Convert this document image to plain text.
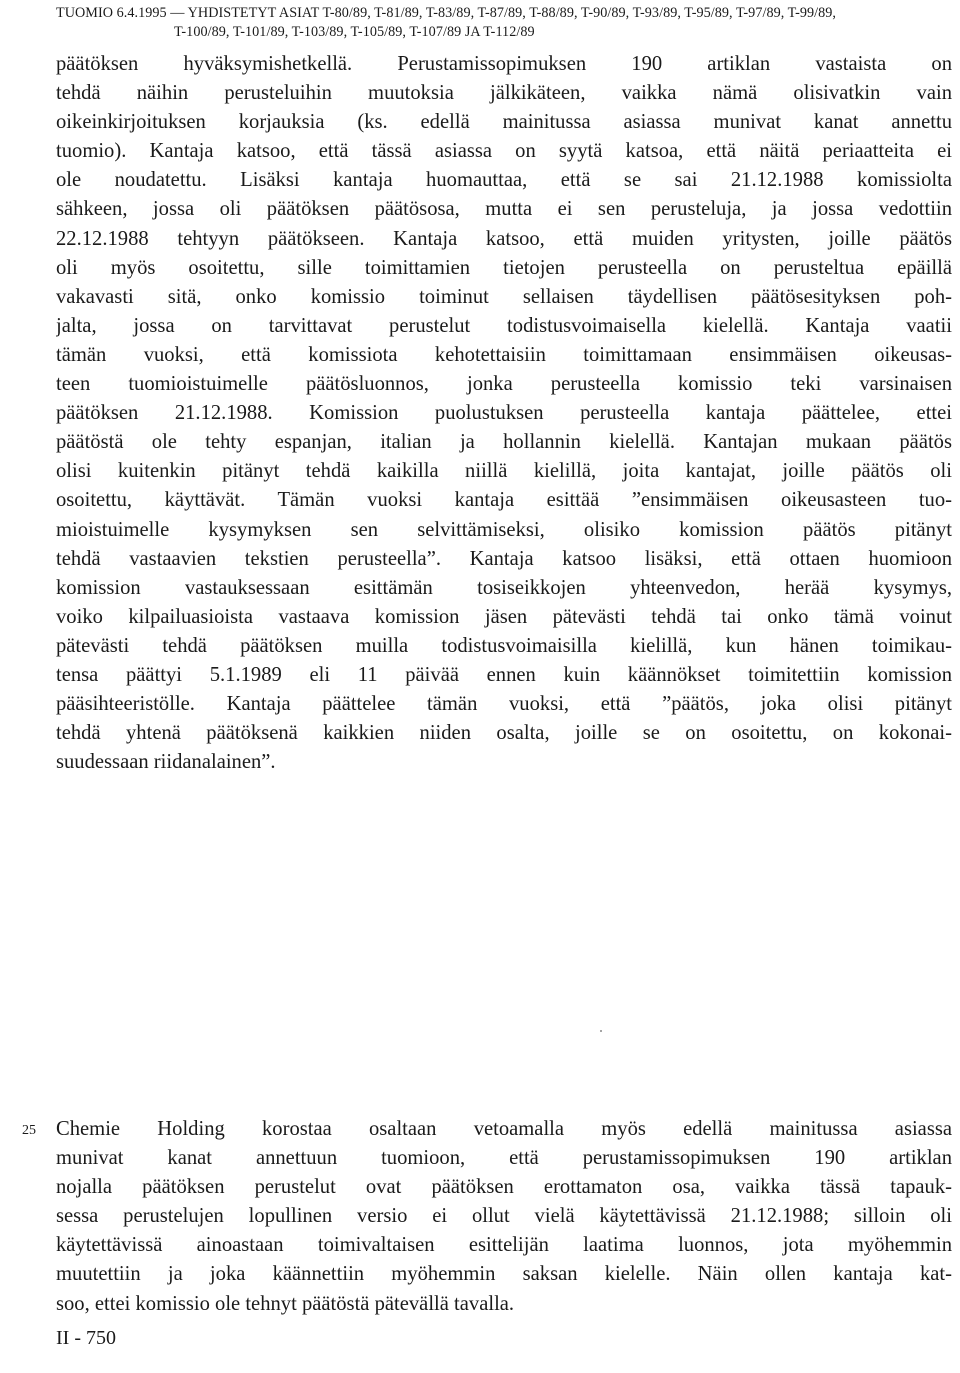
TUOMIO 6.4.1995 — YHDISTETYT ASIAT T-80/89, T-81/89, T-83/89, T-87/89, T-88/89, T-90/89, T-93/89, T-95/89, T-97/89, T-99/89,
T-100/89, T-101/89, T-103/89, T-105/89, T-107/89 JA T-112/89
päätöksen hyväksymishetkellä. Perustamissopimuksen 190 artiklan vastaista on
tehdä näihin perusteluihin muutoksia jälkikäteen, vaikka nämä olisivatkin vain
oikeinkirjoituksen korjauksia (ks. edellä mainitussa asiassa munivat kanat annettu
tuomio). Kantaja katsoo, että tässä asiassa on syytä katsoa, että näitä periaatteita ei
ole noudatettu. Lisäksi kantaja huomauttaa, että se sai 21.12.1988 komissiolta
sähkeen, jossa oli päätöksen päätösosa, mutta ei sen perusteluja, ja jossa vedottiin
22.12.1988 tehtyyn päätökseen. Kantaja katsoo, että muiden yritysten, joille päätös
oli myös osoitettu, sille toimittamien tietojen perusteella on perusteltua epäillä
vakavasti sitä, onko komissio toiminut sellaisen täydellisen päätösesityksen poh-
jalta, jossa on tarvittavat perustelut todistusvoimaisella kielellä. Kantaja vaatii
tämän vuoksi, että komissiota kehotettaisiin toimittamaan ensimmäisen oikeusas-
teen tuomioistuimelle päätösluonnos, jonka perusteella komissio teki varsinaisen
päätöksen 21.12.1988. Komission puolustuksen perusteella kantaja päättelee, ettei
päätöstä ole tehty espanjan, italian ja hollannin kielellä. Kantajan mukaan päätös
olisi kuitenkin pitänyt tehdä kaikilla niillä kielillä, joita kantajat, joille päätös oli
osoitettu, käyttävät. Tämän vuoksi kantaja esittää ”ensimmäisen oikeusasteen tuo-
mioistuimelle kysymyksen sen selvittämiseksi, olisiko komission päätös pitänyt
tehdä vastaavien tekstien perusteella”. Kantaja katsoo lisäksi, että ottaen huomioon
komission vastauksessaan esittämän tosiseikkojen yhteenvedon, herää kysymys,
voiko kilpailuasioista vastaava komission jäsen pätevästi tehdä tai onko tämä voinut
pätevästi tehdä päätöksen muilla todistusvoimaisilla kielillä, kun hänen toimikau-
tensa päättyi 5.1.1989 eli 11 päivää ennen kuin käännökset toimitettiin komission
pääsihteeristölle. Kantaja päättelee tämän vuoksi, että ”päätös, joka olisi pitänyt
tehdä yhtenä päätöksenä kaikkien niiden osalta, joille se on osoitettu, on kokonai-
suudessaan riidanalainen”.
25 Chemie Holding korostaa osaltaan vetoamalla myös edellä mainitussa asiassa
munivat kanat annettuun tuomioon, että perustamissopimuksen 190 artiklan
nojalla päätöksen perustelut ovat päätöksen erottamaton osa, vaikka tässä tapauk-
sessa perustelujen lopullinen versio ei ollut vielä käytettävissä 21.12.1988; silloin oli
käytettävissä ainoastaan toimivaltaisen esittelijän laatima luonnos, jota myöhemmin
muutettiin ja joka käännettiin myöhemmin saksan kielelle. Näin ollen kantaja kat-
soo, ettei komissio ole tehnyt päätöstä pätevällä tavalla.
II - 750
